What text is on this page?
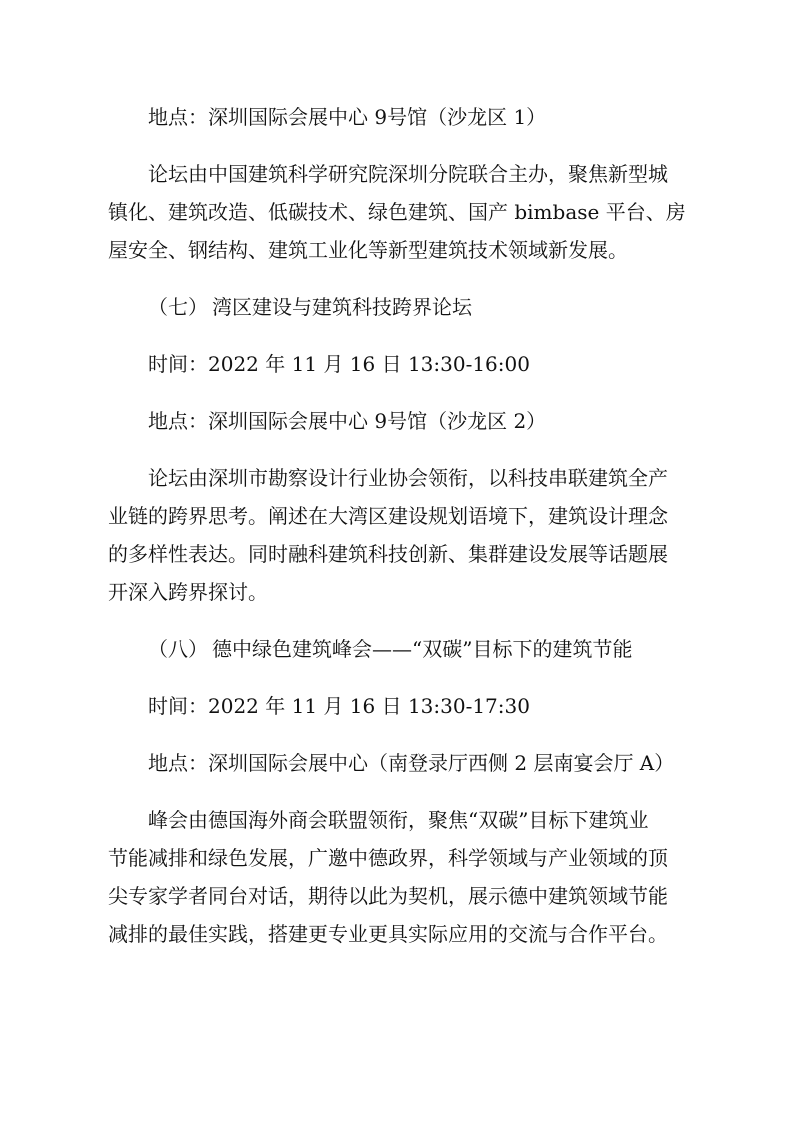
地点：深圳国际会展中心 9号馆（沙龙区 1）

论坛由中国建筑科学研究院深圳分院联合主办，聚焦新型城
镇化、建筑改造、低碳技术、绿色建筑、国产 bimbase 平台、房
屋安全、钢结构、建筑工业化等新型建筑技术领域新发展。

（七） 湾区建设与建筑科技跨界论坛

时间：2022 年 11 月 16 日 13:30-16:00

地点：深圳国际会展中心 9号馆（沙龙区 2）

论坛由深圳市勘察设计行业协会领衔，以科技串联建筑全产
业链的跨界思考。阐述在大湾区建设规划语境下，建筑设计理念
的多样性表达。同时融科建筑科技创新、集群建设发展等话题展
开深入跨界探讨。

（八） 德中绿色建筑峰会——“双碳”目标下的建筑节能

时间：2022 年 11 月 16 日 13:30-17:30

地点：深圳国际会展中心（南登录厅西侧 2 层南宴会厅 A）

峰会由德国海外商会联盟领衔，聚焦“双碳”目标下建筑业
节能减排和绿色发展，广邀中德政界，科学领域与产业领域的顶
尖专家学者同台对话，期待以此为契机，展示德中建筑领域节能
减排的最佳实践，搭建更专业更具实际应用的交流与合作平台。
